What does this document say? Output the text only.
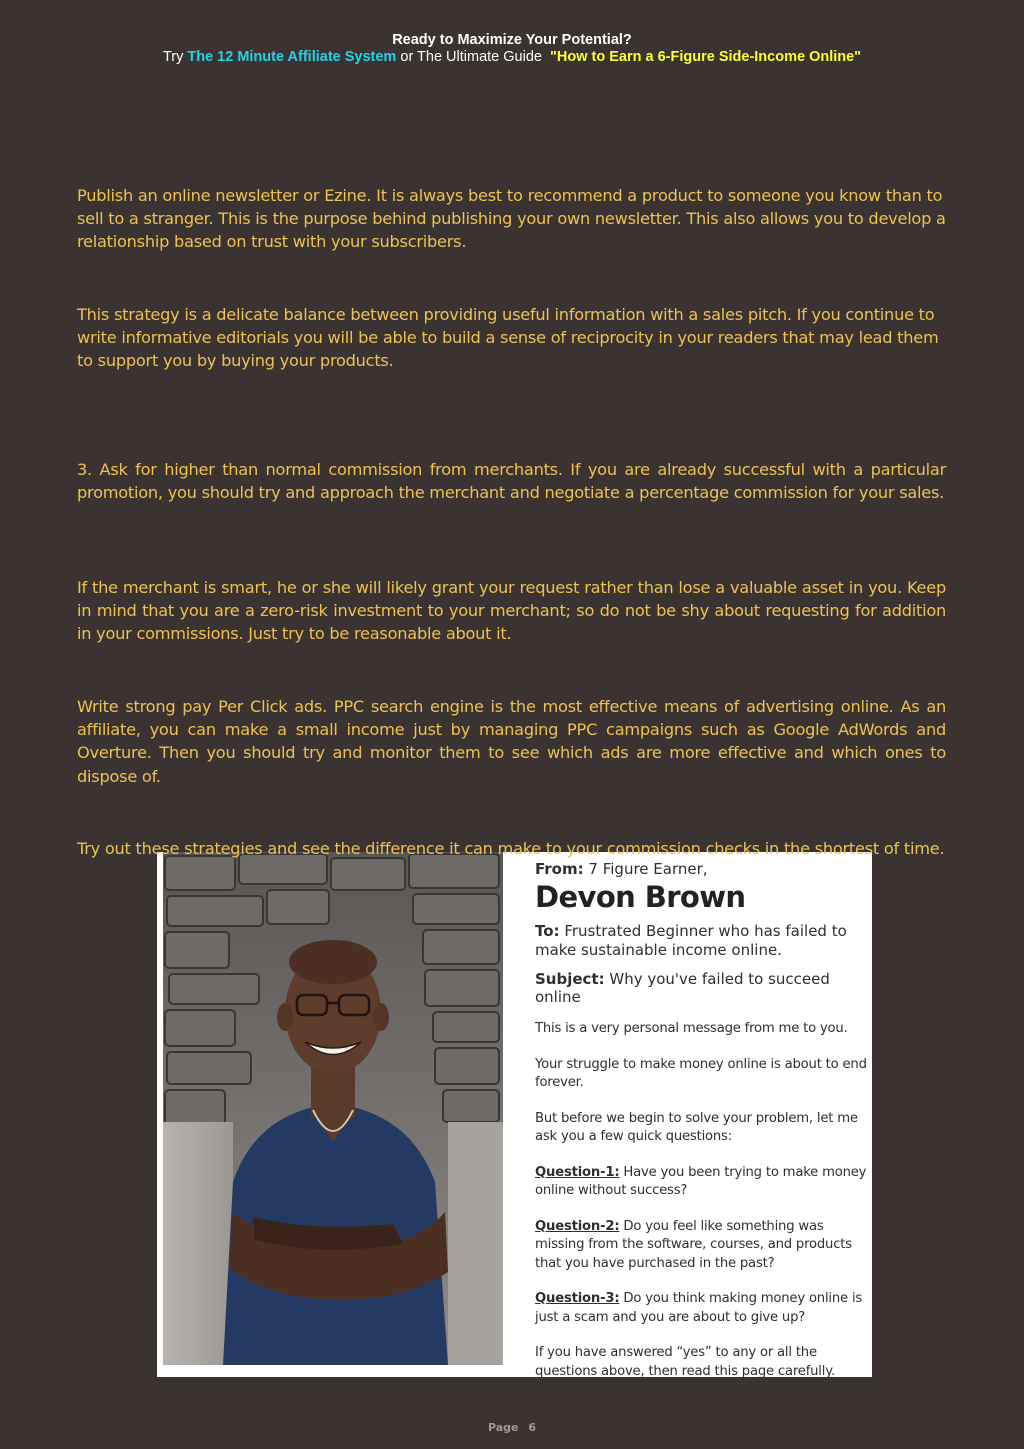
Ready to Maximize Your Potential?
Try The 12 Minute Affiliate System or The Ultimate Guide "How to Earn a 6-Figure Side-Income Online"

Publish an online newsletter or Ezine. It is always best to recommend a product to someone you know than to sell to a stranger. This is the purpose behind publishing your own newsletter. This also allows you to develop a relationship based on trust with your subscribers.

This strategy is a delicate balance between providing useful information with a sales pitch. If you continue to write informative editorials you will be able to build a sense of reciprocity in your readers that may lead them to support you by buying your products.

3. Ask for higher than normal commission from merchants. If you are already successful with a particular promotion, you should try and approach the merchant and negotiate a percentage commission for your sales.

If the merchant is smart, he or she will likely grant your request rather than lose a valuable asset in you. Keep in mind that you are a zero-risk investment to your merchant; so do not be shy about requesting for addition in your commissions. Just try to be reasonable about it.

Write strong pay Per Click ads. PPC search engine is the most effective means of advertising online. As an affiliate, you can make a small income just by managing PPC campaigns such as Google AdWords and Overture. Then you should try and monitor them to see which ads are more effective and which ones to dispose of.

From: 7 Figure Earner,

Devon Brown

To: Frustrated Beginner who has failed to make sustainable income online.

Subject: Why you've failed to succeed online

This is a very personal message from me to you.

Your struggle to make money online is about to end forever.

But before we begin to solve your problem, let me ask you a few quick questions:

Question-1: Have you been trying to make money online without success?

Question-2: Do you feel like something was missing from the software, courses, and products that you have purchased in the past?

Question-3: Do you think making money online is just a scam and you are about to give up?

If you have answered “yes” to any or all the questions above, then read this page carefully.

Try out these strategies and see the difference it can make to your commission checks in the shortest of time.

Page 6
